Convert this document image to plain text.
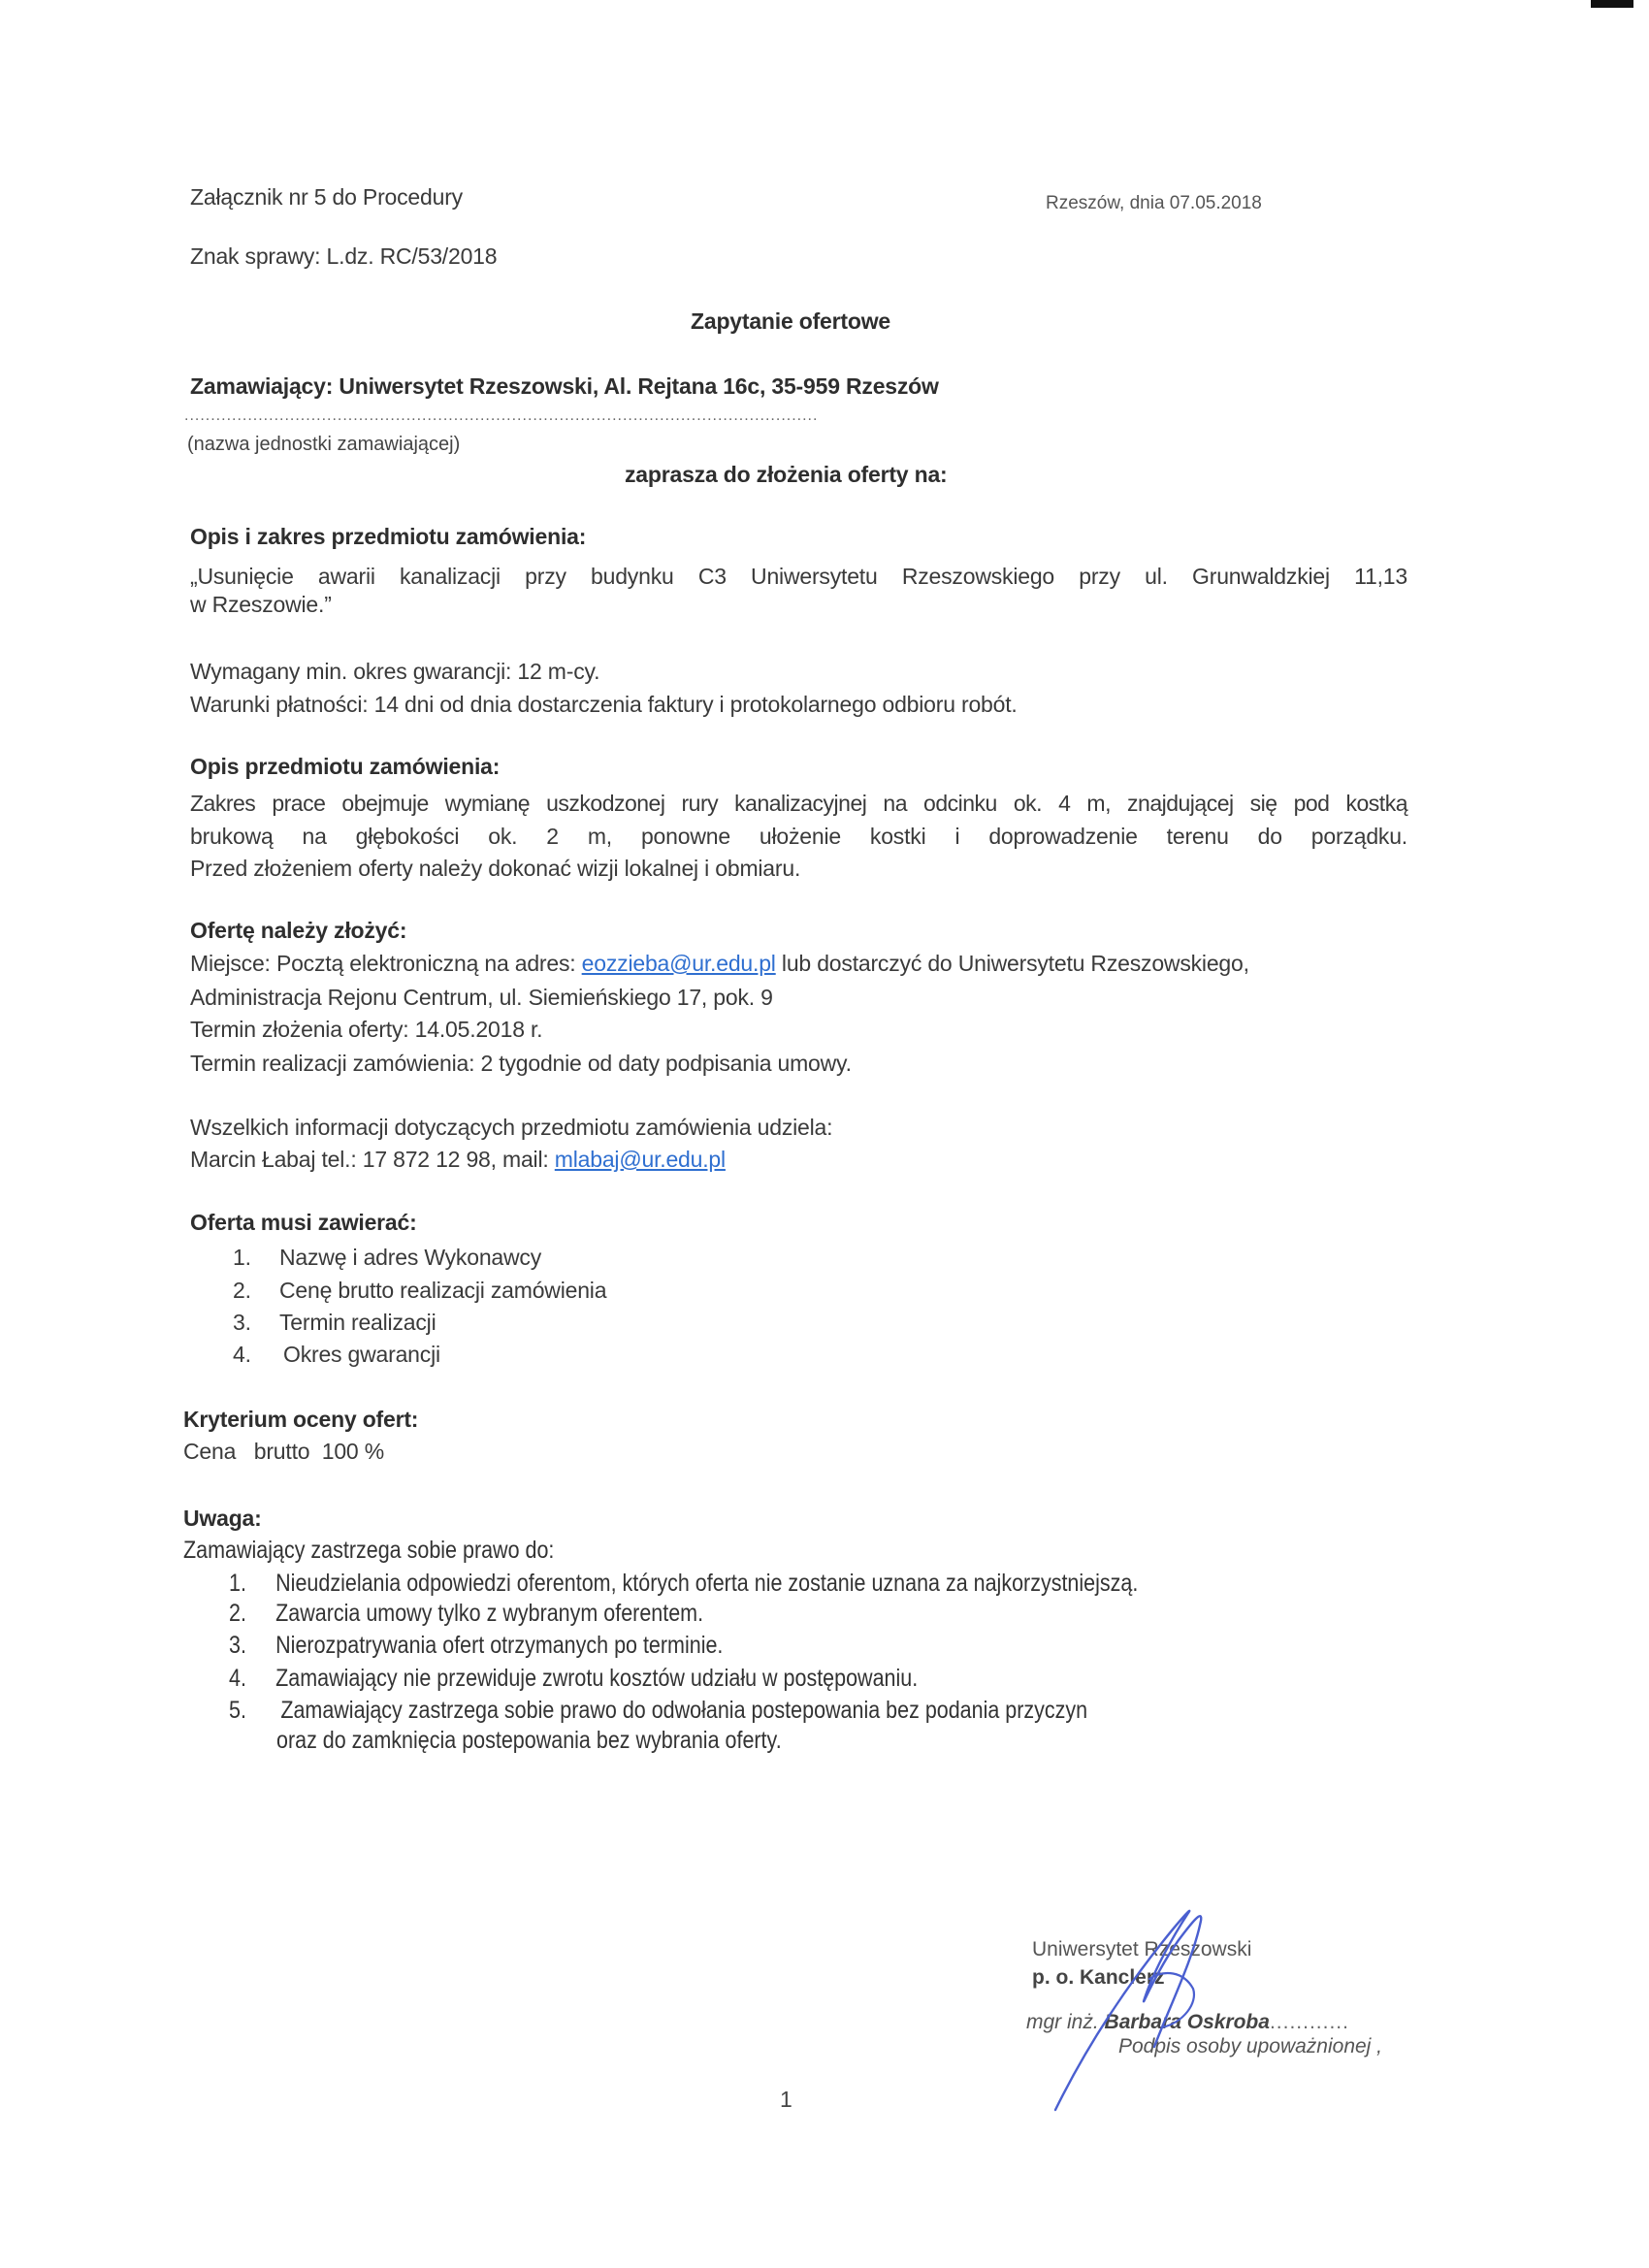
Załącznik nr 5 do Procedury
Znak sprawy: L.dz. RC/53/2018
Rzeszów, dnia 07.05.2018
Zapytanie ofertowe
Zamawiający: Uniwersytet Rzeszowski, Al. Rejtana 16c, 35-959 Rzeszów
........................................................................................................................
(nazwa jednostki zamawiającej)
zaprasza do złożenia oferty na:
Opis i zakres przedmiotu zamówienia:
„Usunięcie awarii kanalizacji przy budynku C3 Uniwersytetu Rzeszowskiego przy ul. Grunwaldzkiej 11,13
w Rzeszowie.”
Wymagany min. okres gwarancji: 12 m-cy.
Warunki płatności: 14 dni od dnia dostarczenia faktury i protokolarnego odbioru robót.
Opis przedmiotu zamówienia:
Zakres prace obejmuje wymianę uszkodzonej rury kanalizacyjnej na odcinku ok. 4 m, znajdującej się pod kostką
brukową na głębokości ok. 2 m, ponowne ułożenie kostki i doprowadzenie terenu do porządku.
Przed złożeniem oferty należy dokonać wizji lokalnej i obmiaru.
Ofertę należy złożyć:
Miejsce: Pocztą elektroniczną na adres: eozzieba@ur.edu.pl lub dostarczyć do Uniwersytetu Rzeszowskiego,
Administracja Rejonu Centrum, ul. Siemieńskiego 17, pok. 9
Termin złożenia oferty: 14.05.2018 r.
Termin realizacji zamówienia: 2 tygodnie od daty podpisania umowy.
Wszelkich informacji dotyczących przedmiotu zamówienia udziela:
Marcin Łabaj tel.: 17 872 12 98, mail: mlabaj@ur.edu.pl
Oferta musi zawierać:
1. Nazwę i adres Wykonawcy
2. Cenę brutto realizacji zamówienia
3. Termin realizacji
4. Okres gwarancji
Kryterium oceny ofert:
Cena   brutto  100 %
Uwaga:
Zamawiający zastrzega sobie prawo do:
1. Nieudzielania odpowiedzi oferentom, których oferta nie zostanie uznana za najkorzystniejszą.
2. Zawarcia umowy tylko z wybranym oferentem.
3. Nierozpatrywania ofert otrzymanych po terminie.
4. Zamawiający nie przewiduje zwrotu kosztów udziału w postępowaniu.
5. Zamawiający zastrzega sobie prawo do odwołania postepowania bez podania przyczyn
oraz do zamknięcia postepowania bez wybrania oferty.
Uniwersytet Rzeszowski
p. o. Kanclerz
mgr inż. Barbara Oskroba............
Podpis osoby upoważnionej ,
1
